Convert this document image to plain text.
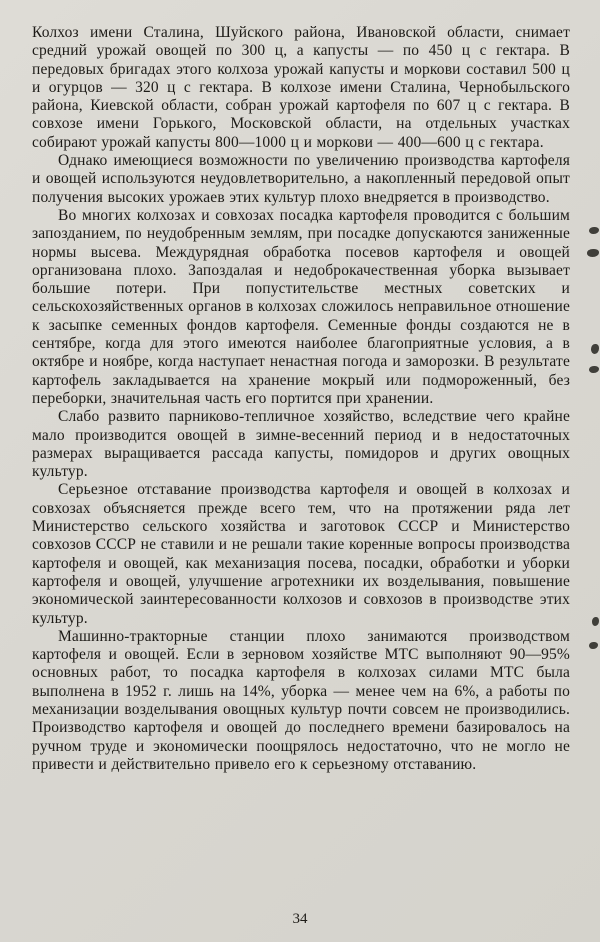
Колхоз имени Сталина, Шуйского района, Ивановской области, снимает средний урожай овощей по 300 ц, а капусты — по 450 ц с гектара. В передовых бригадах этого колхоза урожай капусты и моркови составил 500 ц и огурцов — 320 ц с гектара. В колхозе имени Сталина, Чернобыльского района, Киевской области, собран урожай картофеля по 607 ц с гектара. В совхозе имени Горького, Московской области, на отдельных участках собирают урожай капусты 800—1000 ц и моркови — 400—600 ц с гектара.

Однако имеющиеся возможности по увеличению производства картофеля и овощей используются неудовлетворительно, а накопленный передовой опыт получения высоких урожаев этих культур плохо внедряется в производство.

Во многих колхозах и совхозах посадка картофеля проводится с большим запозданием, по неудобренным землям, при посадке допускаются заниженные нормы высева. Междурядная обработка посевов картофеля и овощей организована плохо. Запоздалая и недоброкачественная уборка вызывает большие потери. При попустительстве местных советских и сельскохозяйственных органов в колхозах сложилось неправильное отношение к засыпке семенных фондов картофеля. Семенные фонды создаются не в сентябре, когда для этого имеются наиболее благоприятные условия, а в октябре и ноябре, когда наступает ненастная погода и заморозки. В результате картофель закладывается на хранение мокрый или подмороженный, без переборки, значительная часть его портится при хранении.

Слабо развито парниково-тепличное хозяйство, вследствие чего крайне мало производится овощей в зимне-весенний период и в недостаточных размерах выращивается рассада капусты, помидоров и других овощных культур.

Серьезное отставание производства картофеля и овощей в колхозах и совхозах объясняется прежде всего тем, что на протяжении ряда лет Министерство сельского хозяйства и заготовок СССР и Министерство совхозов СССР не ставили и не решали такие коренные вопросы производства картофеля и овощей, как механизация посева, посадки, обработки и уборки картофеля и овощей, улучшение агротехники их возделывания, повышение экономической заинтересованности колхозов и совхозов в производстве этих культур.

Машинно-тракторные станции плохо занимаются производством картофеля и овощей. Если в зерновом хозяйстве МТС выполняют 90—95% основных работ, то посадка картофеля в колхозах силами МТС была выполнена в 1952 г. лишь на 14%, уборка — менее чем на 6%, а работы по механизации возделывания овощных культур почти совсем не производились. Производство картофеля и овощей до последнего времени базировалось на ручном труде и экономически поощрялось недостаточно, что не могло не привести и действительно привело его к серьезному отставанию.

34
